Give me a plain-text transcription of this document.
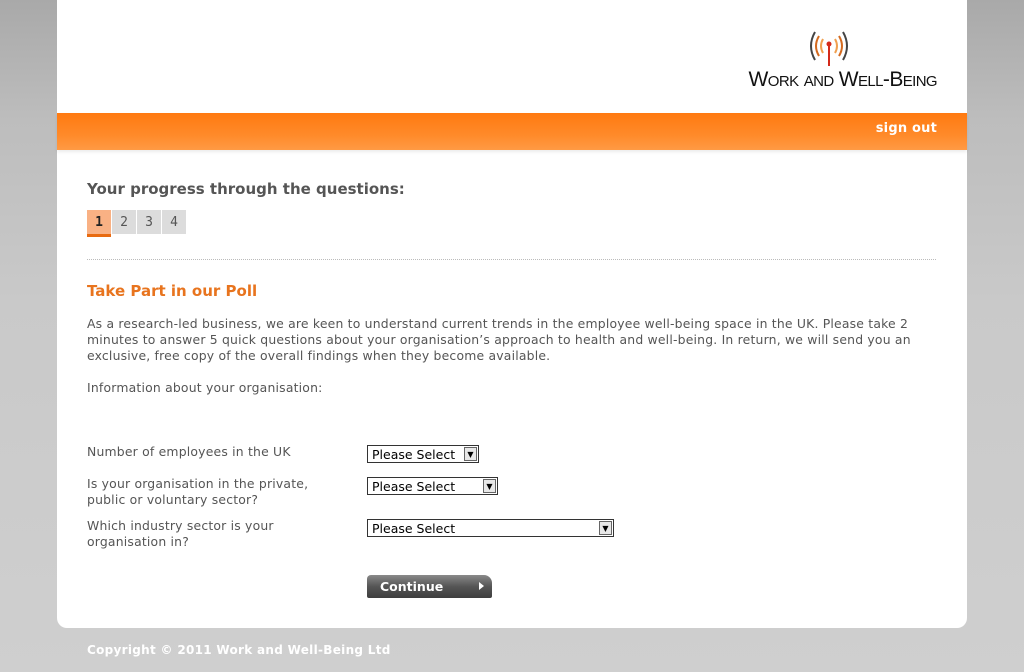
Work and Well-Being
sign out
Your progress through the questions:
1	2	3	4
Take Part in our Poll
As a research-led business, we are keen to understand current trends in the employee well-being space in the UK. Please take 2 minutes to answer 5 quick questions about your organisation’s approach to health and well-being. In return, we will send you an exclusive, free copy of the overall findings when they become available.
Information about your organisation:
Number of employees in the UK	Please Select	▼
Is your organisation in the private, public or voluntary sector?
Please Select	▼
Which industry sector is your organisation in?
Please Select	▼
Continue
Copyright © 2011 Work and Well-Being Ltd
